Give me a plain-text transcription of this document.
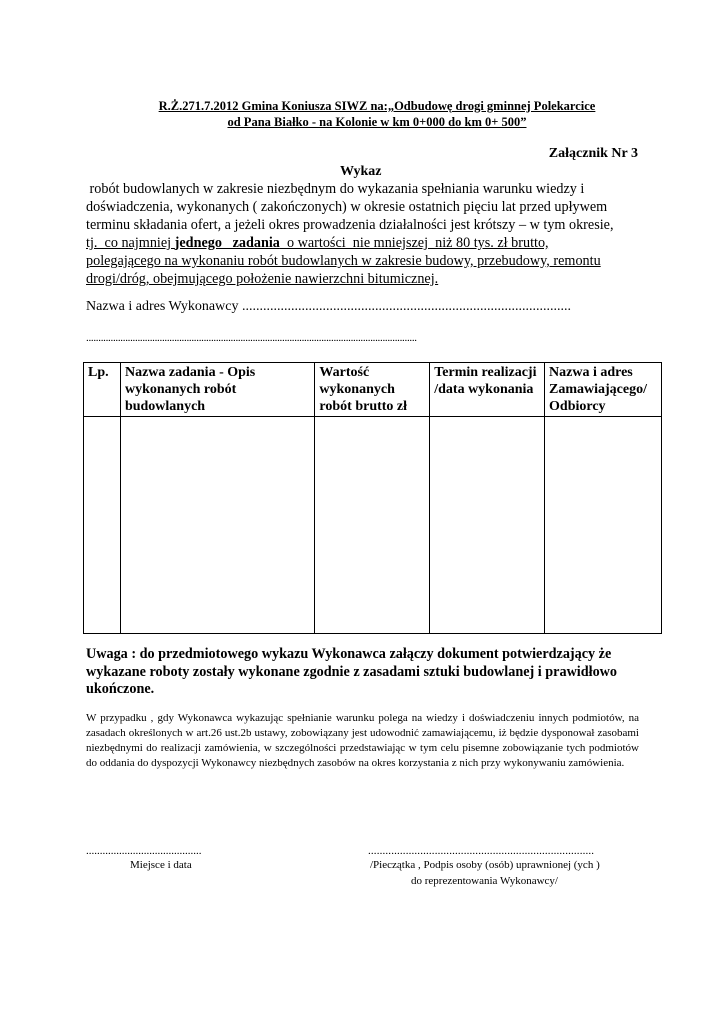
R.Ż.271.7.2012 Gmina Koniusza SIWZ na:„Odbudowę drogi gminnej Polekarcice
od Pana Białko - na Kolonie w km 0+000 do km 0+ 500”
Załącznik Nr 3
Wykaz
robót budowlanych w zakresie niezbędnym do wykazania spełniania warunku wiedzy i
doświadczenia, wykonanych ( zakończonych) w okresie ostatnich pięciu lat przed upływem
terminu składania ofert, a jeżeli okres prowadzenia działalności jest krótszy – w tym okresie,
tj.  co najmniej jednego   zadania  o wartości  nie mniejszej  niż 80 tys. zł brutto,
polegającego na wykonaniu robót budowlanych w zakresie budowy, przebudowy, remontu
drogi/dróg, obejmującego położenie nawierzchni bitumicznej.
Nazwa i adres Wykonawcy ..............................................................................................
.......................................................................................................................................
Lp.	Nazwa zadania - Opis wykonanych robót budowlanych	Wartość wykonanych robót brutto zł	Termin realizacji /data wykonania	Nazwa i adres Zamawiającego/ Odbiorcy

Uwaga : do przedmiotowego wykazu Wykonawca załączy dokument potwierdzający że wykazane roboty zostały wykonane zgodnie z zasadami sztuki budowlanej i prawidłowo ukończone.
W przypadku , gdy Wykonawca wykazując spełnianie warunku polega na wiedzy i doświadczeniu innych podmiotów, na zasadach określonych w art.26 ust.2b ustawy, zobowiązany jest udowodnić zamawiającemu, iż będzie dysponował zasobami niezbędnymi do realizacji zamówienia, w szczególności przedstawiając w tym celu pisemne zobowiązanie tych podmiotów do oddania do dyspozycji Wykonawcy niezbędnych zasobów na okres korzystania z nich przy wykonywaniu zamówienia.
..........................................
Miejsce i data
..............................................................................
/Pieczątka , Podpis osoby (osób) uprawnionej (ych )
do reprezentowania Wykonawcy/
